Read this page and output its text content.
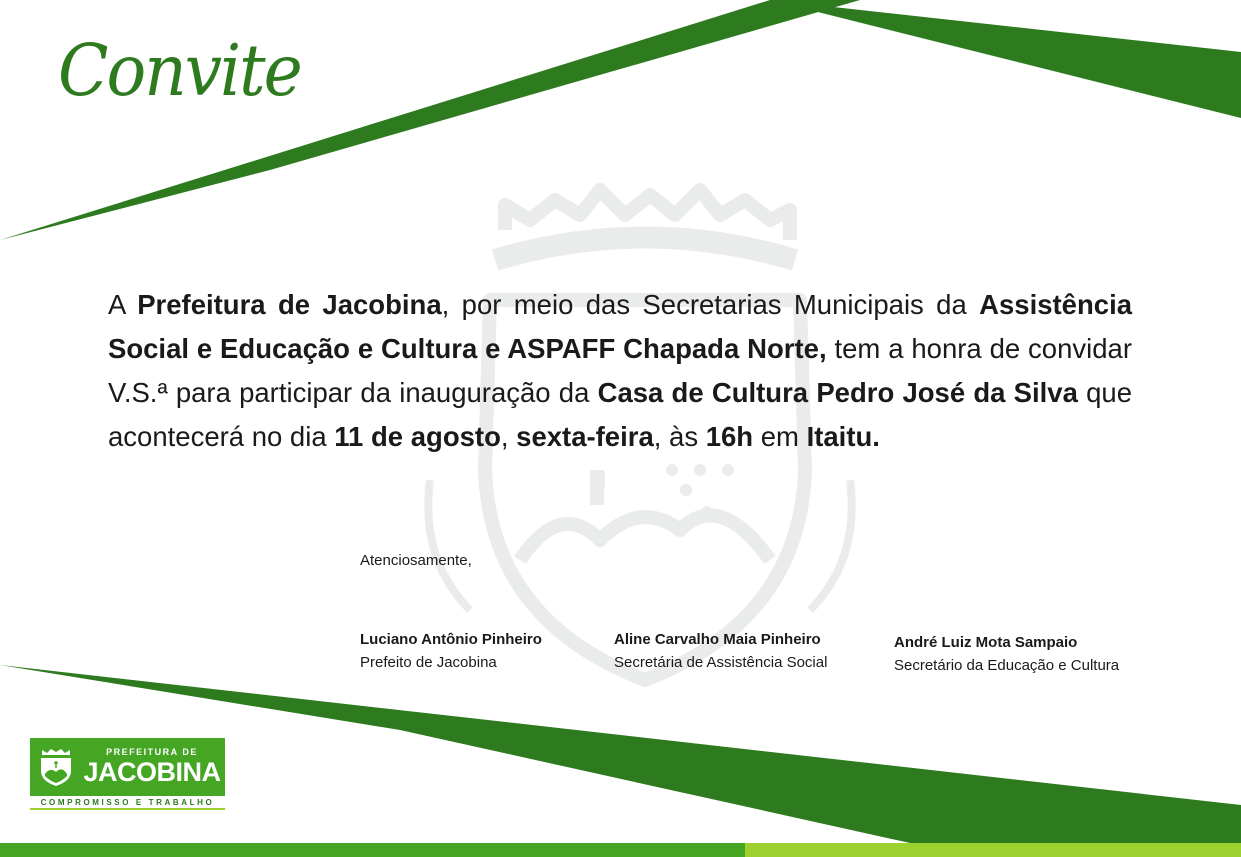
Convite

A Prefeitura de Jacobina, por meio das Secretarias Municipais da Assistência Social e Educação e Cultura e ASPAFF Chapada Norte, tem a honra de convidar V.S.ª para participar da inauguração da Casa de Cultura Pedro José da Silva que acontecerá no dia 11 de agosto, sexta-feira, às 16h em Itaitu.

Atenciosamente,
Luciano Antônio Pinheiro
Prefeito de Jacobina
Aline Carvalho Maia Pinheiro
Secretária de Assistência Social
André Luiz Mota Sampaio
Secretário da Educação e Cultura
PREFEITURA DE
JACOBINA
COMPROMISSO E TRABALHO
